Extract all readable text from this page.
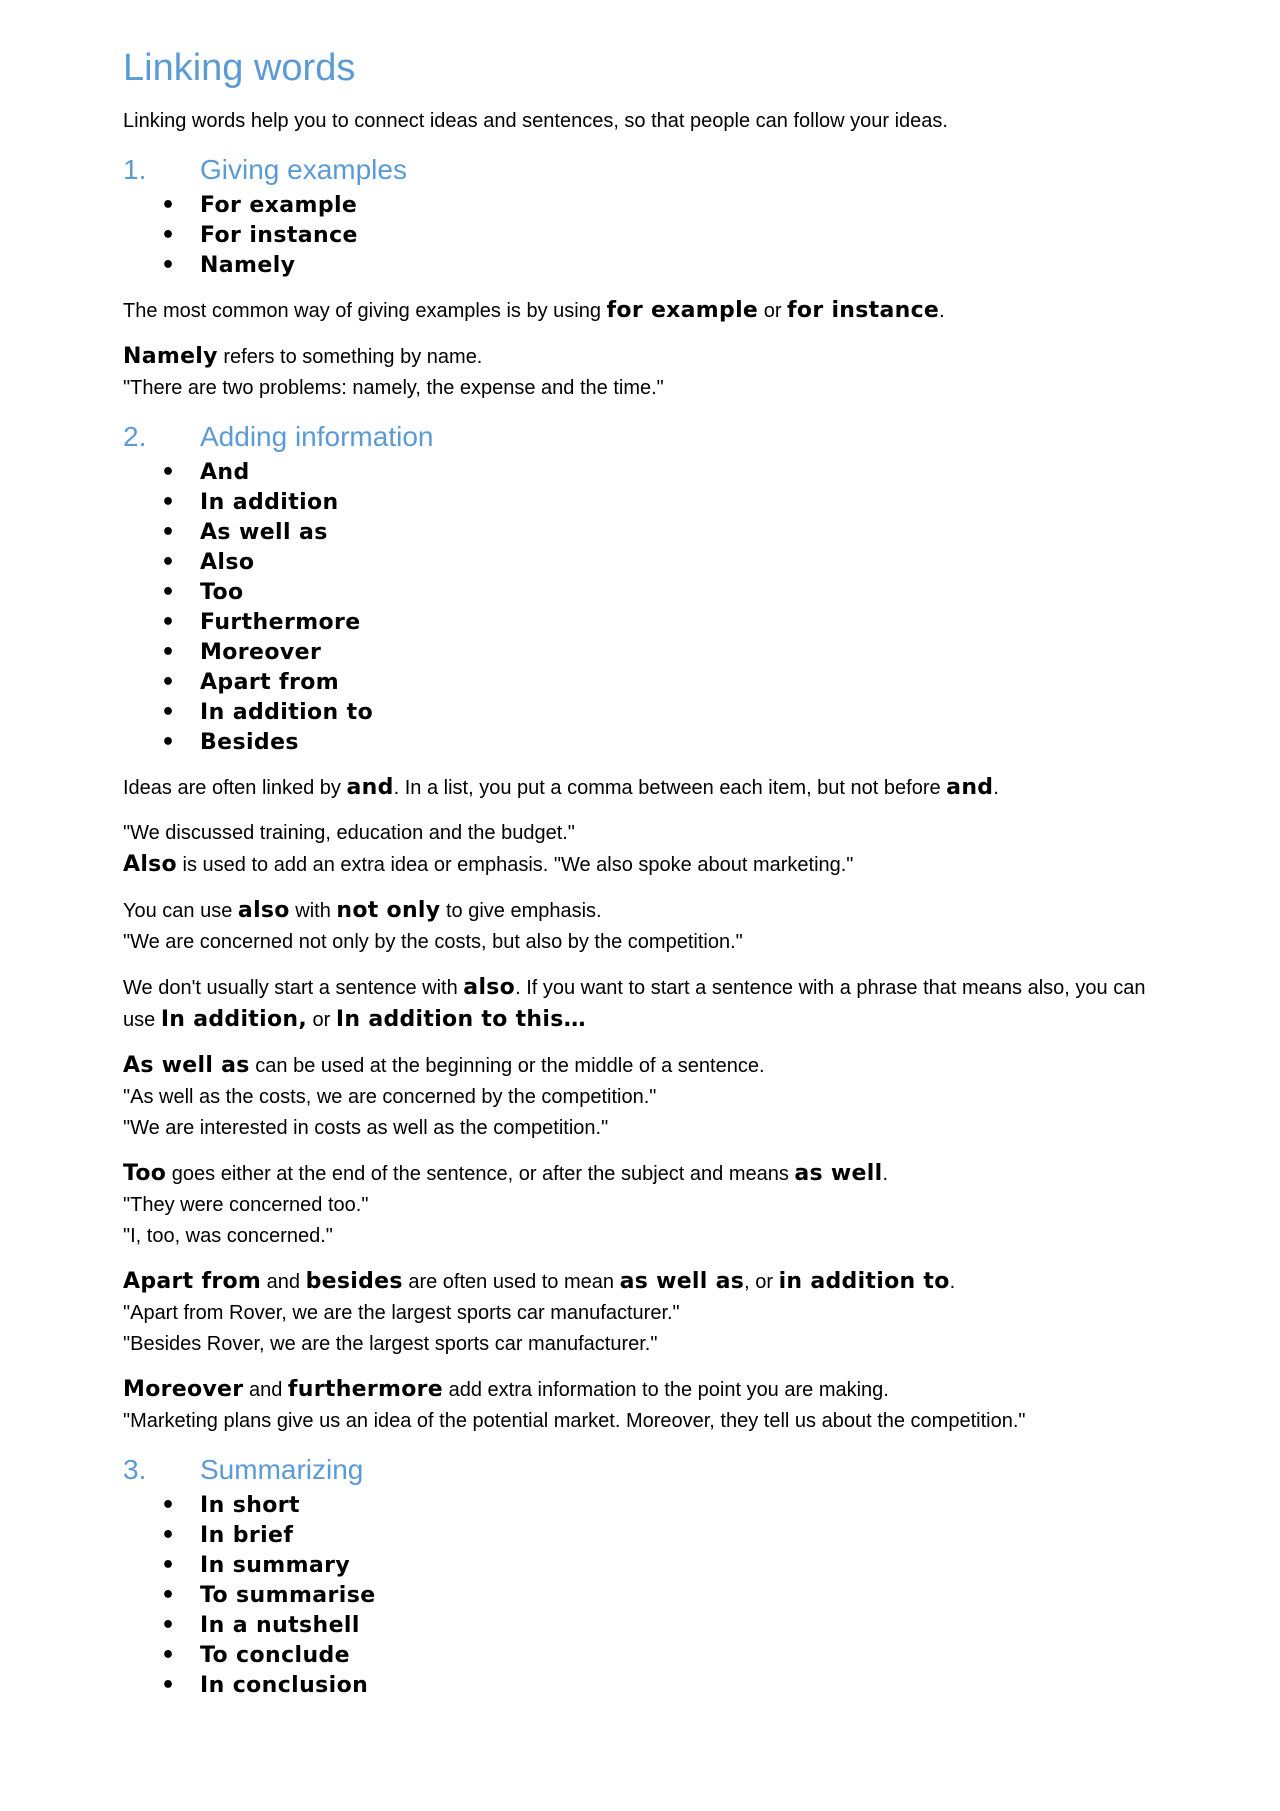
Linking words

Linking words help you to connect ideas and sentences, so that people can follow your ideas.

1.	Giving examples
• For example
• For instance
• Namely

The most common way of giving examples is by using for example or for instance.

Namely refers to something by name.
"There are two problems: namely, the expense and the time."

2.	Adding information
• And
• In addition
• As well as
• Also
• Too
• Furthermore
• Moreover
• Apart from
• In addition to
• Besides

Ideas are often linked by and. In a list, you put a comma between each item, but not before and.

"We discussed training, education and the budget."
Also is used to add an extra idea or emphasis. "We also spoke about marketing."

You can use also with not only to give emphasis.
"We are concerned not only by the costs, but also by the competition."

We don't usually start a sentence with also. If you want to start a sentence with a phrase that means also, you can use In addition, or In addition to this…

As well as can be used at the beginning or the middle of a sentence.
"As well as the costs, we are concerned by the competition."
"We are interested in costs as well as the competition."

Too goes either at the end of the sentence, or after the subject and means as well.
"They were concerned too."
"I, too, was concerned."

Apart from and besides are often used to mean as well as, or in addition to.
"Apart from Rover, we are the largest sports car manufacturer."
"Besides Rover, we are the largest sports car manufacturer."

Moreover and furthermore add extra information to the point you are making.
"Marketing plans give us an idea of the potential market. Moreover, they tell us about the competition."

3.	Summarizing
• In short
• In brief
• In summary
• To summarise
• In a nutshell
• To conclude
• In conclusion
